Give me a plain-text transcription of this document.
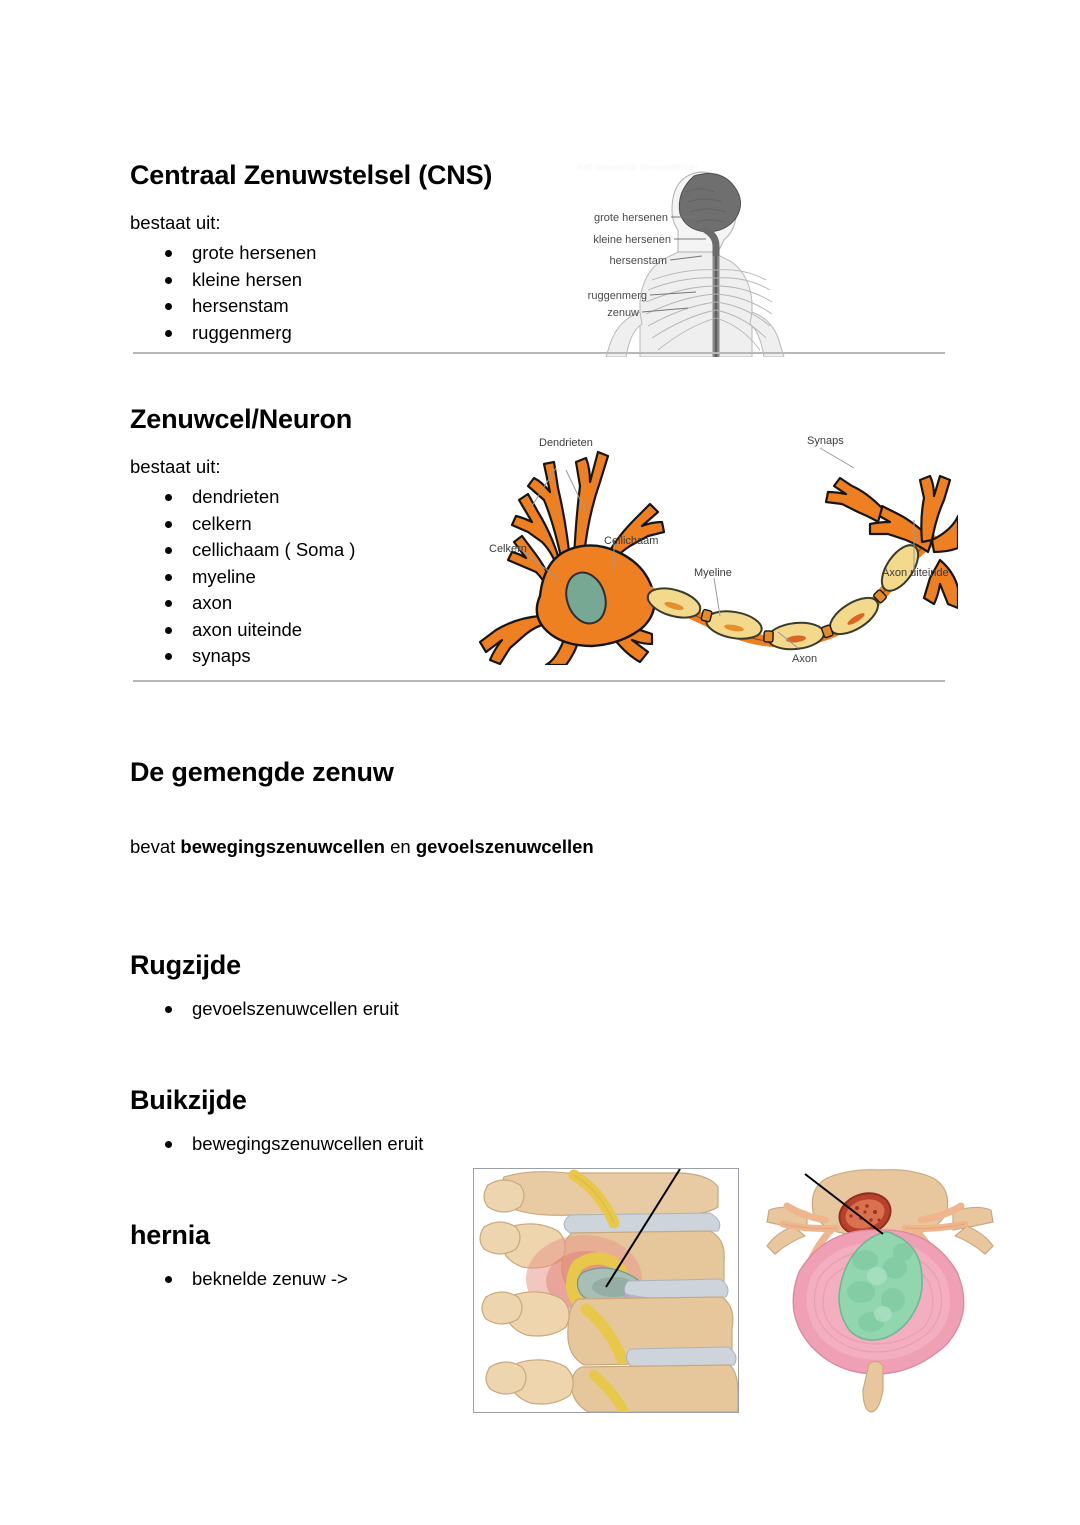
Centraal Zenuwstelsel (CNS)

bestaat uit:

grote hersenen
kleine hersen
hersenstam
ruggenmerg
het menselijk zenuwstelsel
grote hersenen
kleine hersenen
hersenstam
ruggenmerg
zenuw
Zenuwcel/Neuron

bestaat uit:

dendrieten
celkern
cellichaam ( Soma )
myeline
axon
axon uiteinde
synaps
Dendrieten
Celkern
Cellichaam
Myeline
Axon
Synaps
Axon uiteinde
De gemengde zenuw

bevat bewegingszenuwcellen en gevoelszenuwcellen

Rugzijde
gevoelszenuwcellen eruit
Buikzijde
bewegingszenuwcellen eruit
hernia
beknelde zenuw ->
